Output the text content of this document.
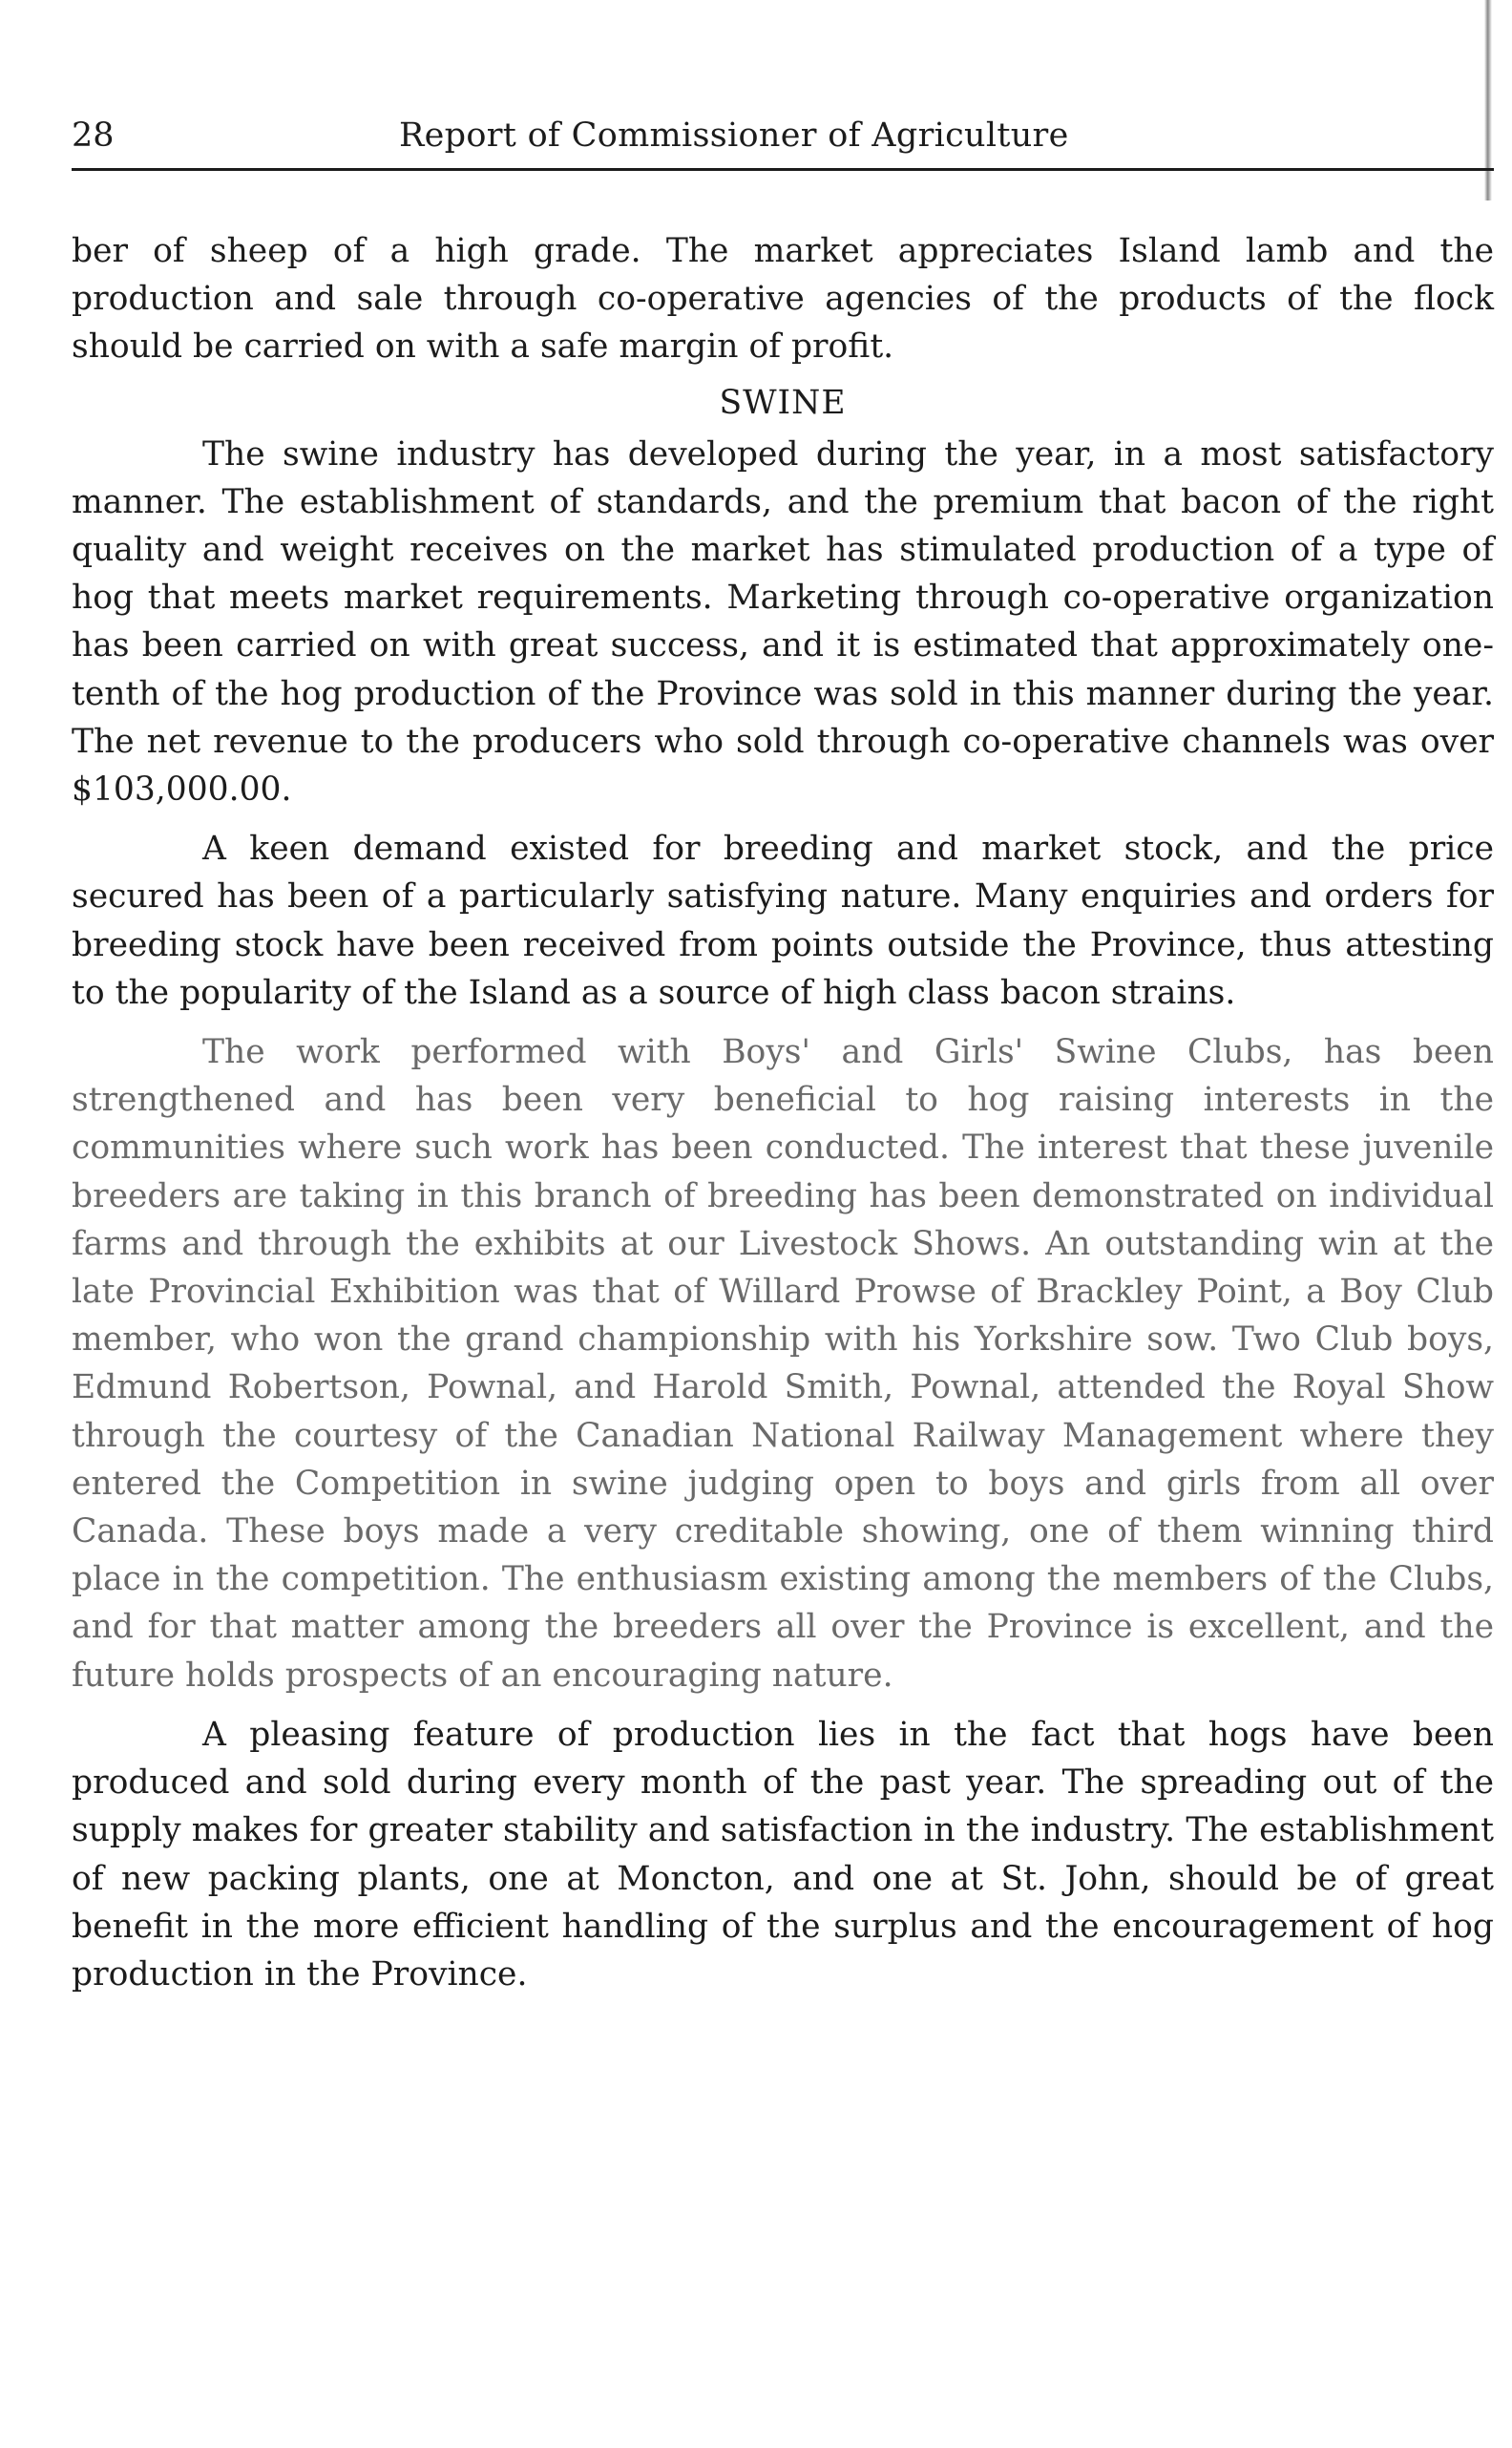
28	Report of Commissioner of Agriculture

ber of sheep of a high grade. The market appreciates Island lamb and the production and sale through co-operative agencies of the products of the flock should be carried on with a safe margin of profit.

SWINE

The swine industry has developed during the year, in a most satisfactory manner. The establishment of standards, and the premium that bacon of the right quality and weight receives on the market has stimulated production of a type of hog that meets market requirements. Marketing through co-operative organization has been carried on with great success, and it is estimated that approximately one-tenth of the hog production of the Province was sold in this manner during the year. The net revenue to the producers who sold through co-operative channels was over $103,000.00.

A keen demand existed for breeding and market stock, and the price secured has been of a particularly satisfying nature. Many enquiries and orders for breeding stock have been received from points outside the Province, thus attesting to the popularity of the Island as a source of high class bacon strains.

The work performed with Boys' and Girls' Swine Clubs, has been strengthened and has been very beneficial to hog raising interests in the communities where such work has been conducted. The interest that these juvenile breeders are taking in this branch of breeding has been demonstrated on individual farms and through the exhibits at our Livestock Shows. An outstanding win at the late Provincial Exhibition was that of Willard Prowse of Brackley Point, a Boy Club member, who won the grand championship with his Yorkshire sow. Two Club boys, Edmund Robertson, Pownal, and Harold Smith, Pownal, attended the Royal Show through the courtesy of the Canadian National Railway Management where they entered the Competition in swine judging open to boys and girls from all over Canada. These boys made a very creditable showing, one of them winning third place in the competition. The enthusiasm existing among the members of the Clubs, and for that matter among the breeders all over the Province is excellent, and the future holds prospects of an encouraging nature.

A pleasing feature of production lies in the fact that hogs have been produced and sold during every month of the past year. The spreading out of the supply makes for greater stability and satisfaction in the industry. The establishment of new packing plants, one at Moncton, and one at St. John, should be of great benefit in the more efficient handling of the surplus and the encouragement of hog production in the Province.
